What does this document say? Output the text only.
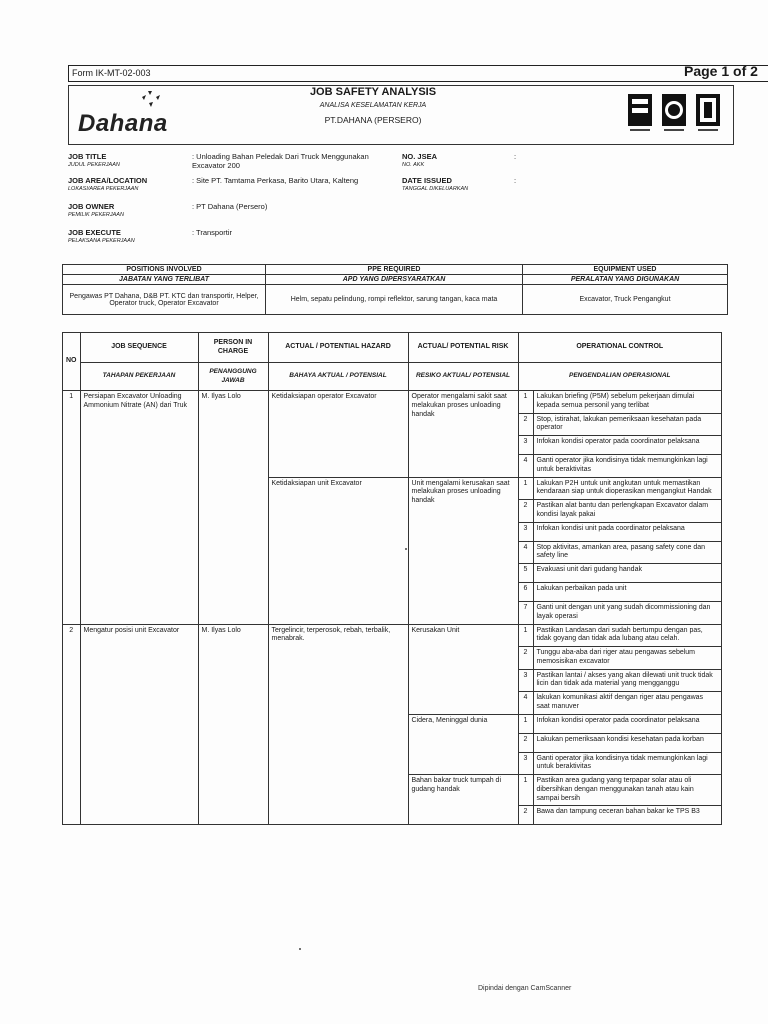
Form IK-MT-02-003	Page 1 of 2
Dahana
JOB SAFETY ANALYSIS
ANALISA KESELAMATAN KERJA
PT.DAHANA (PERSERO)
JOB TITLE
JUDUL PEKERJAAN
: Unloading Bahan Peledak Dari Truck Menggunakan Excavator 200
JOB AREA/LOCATION
LOKASI/AREA PEKERJAAN
: Site PT. Tamtama Perkasa, Barito Utara, Kalteng
JOB OWNER
PEMILIK PEKERJAAN
: PT Dahana (Persero)
JOB EXECUTE
PELAKSANA PEKERJAAN
: Transportir
NO. JSEA
NO. AKK
:
DATE ISSUED
TANGGAL DIKELUARKAN
:
POSITIONS INVOLVED	PPE REQUIRED	EQUIPMENT USED
JABATAN YANG TERLIBAT	APD YANG DIPERSYARATKAN	PERALATAN YANG DIGUNAKAN
Pengawas PT Dahana, D&B PT. KTC dan transportir, Helper, Operator truck, Operator Excavator	Helm, sepatu pelindung, rompi reflektor, sarung tangan, kaca mata	Excavator, Truck Pengangkut
NO	JOB SEQUENCE	PERSON IN CHARGE	ACTUAL / POTENTIAL HAZARD	ACTUAL/ POTENTIAL RISK	OPERATIONAL CONTROL	
	TAHAPAN PEKERJAAN	PENANGGUNG JAWAB	BAHAYA AKTUAL / POTENSIAL	RESIKO AKTUAL/ POTENSIAL	PENGENDALIAN OPERASIONAL	
1	Persiapan Excavator Unloading Ammonium Nitrate (AN) dari Truk	M. Ilyas Lolo	Ketidaksiapan operator Excavator	Operator mengalami sakit saat melakukan proses unloading handak	1	Lakukan briefing (P5M) sebelum pekerjaan dimulai kepada semua personil yang terlibat
					2	Stop, istirahat, lakukan pemeriksaan kesehatan pada operator
					3	Infokan kondisi operator pada coordinator pelaksana
					4	Ganti operator jika kondisinya tidak memungkinkan lagi untuk beraktivitas
			Ketidaksiapan unit Excavator	Unit mengalami kerusakan saat melakukan proses unloading handak	1	Lakukan P2H untuk unit angkutan untuk memastikan kendaraan siap untuk dioperasikan mengangkut Handak
					2	Pastikan alat bantu dan perlengkapan Excavator dalam kondisi layak pakai
					3	Infokan kondisi unit pada coordinator pelaksana
					4	Stop aktivitas, amankan area, pasang safety cone dan safety line
					5	Evakuasi unit dari gudang handak
					6	Lakukan perbaikan pada unit
					7	Ganti unit dengan unit yang sudah dicommissioning dan layak operasi
2	Mengatur posisi unit Excavator	M. Ilyas Lolo	Tergelincir, terperosok, rebah, terbalik, menabrak.	Kerusakan Unit	1	Pastikan Landasan dari sudah bertumpu dengan pas, tidak goyang dan tidak ada lubang atau celah.
					2	Tunggu aba-aba dari riger atau pengawas sebelum memosisikan excavator
					3	Pastikan lantai / akses yang akan dilewati unit truck tidak licin dan tidak ada material yang mengganggu
					4	lakukan komunikasi aktif dengan riger atau pengawas saat manuver
				Cidera, Meninggal dunia	1	Infokan kondisi operator pada coordinator pelaksana
					2	Lakukan pemeriksaan kondisi kesehatan pada korban
					3	Ganti operator jika kondisinya tidak memungkinkan lagi untuk beraktivitas
				Bahan bakar truck tumpah di gudang handak	1	Pastikan area gudang yang terpapar solar atau oli dibersihkan dengan menggunakan tanah atau kain sampai bersih
					2	Bawa dan tampung ceceran bahan bakar ke TPS B3
Dipindai dengan CamScanner
